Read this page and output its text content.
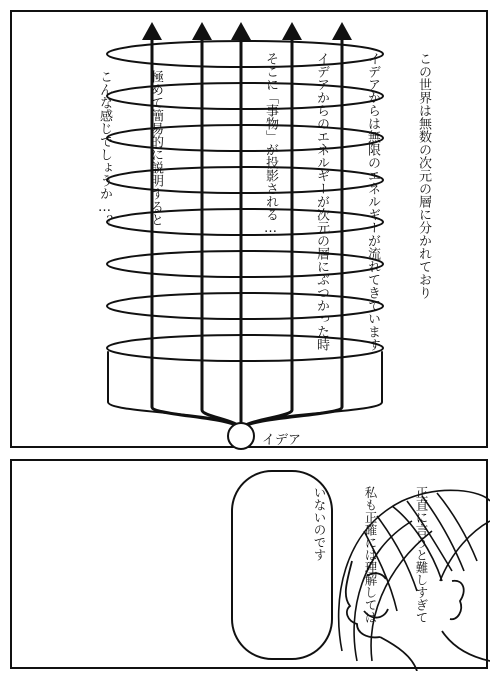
この世界は無数の次元の層に分かれており

イデアからは無限のエネルギーが流れてきています

イデアからのエネルギーが次元の層にぶつかった時

そこに「事物」が投影される…

極めて簡易的に説明すると

こんな感じでしょうか…？

イデア

正直に言うと難しすぎて

私も正確には理解しては

いないのです
